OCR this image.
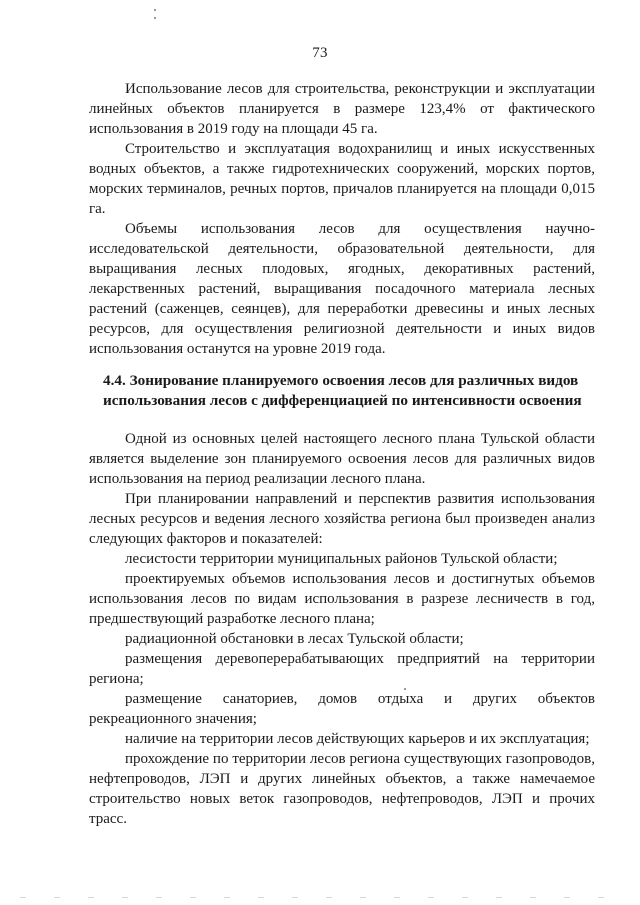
73

Использование лесов для строительства, реконструкции и эксплуатации линейных объектов планируется в размере 123,4% от фактического использования в 2019 году на площади 45 га.

Строительство и эксплуатация водохранилищ и иных искусственных водных объектов, а также гидротехнических сооружений, морских портов, морских терминалов, речных портов, причалов планируется на площади 0,015 га.

Объемы использования лесов для осуществления научно-исследовательской деятельности, образовательной деятельности, для выращивания лесных плодовых, ягодных, декоративных растений, лекарственных растений, выращивания посадочного материала лесных растений (саженцев, сеянцев), для переработки древесины и иных лесных ресурсов, для осуществления религиозной деятельности и иных видов использования останутся на уровне 2019 года.

4.4. Зонирование планируемого освоения лесов для различных видов использования лесов с дифференциацией по интенсивности освоения

Одной из основных целей настоящего лесного плана Тульской области является выделение зон планируемого освоения лесов для различных видов использования на период реализации лесного плана.

При планировании направлений и перспектив развития использования лесных ресурсов и ведения лесного хозяйства региона был произведен анализ следующих факторов и показателей:

лесистости территории муниципальных районов Тульской области;

проектируемых объемов использования лесов и достигнутых объемов использования лесов по видам использования в разрезе лесничеств в год, предшествующий разработке лесного плана;

радиационной обстановки в лесах Тульской области;

размещения деревоперерабатывающих предприятий на территории региона;

размещение санаториев, домов отдыха и других объектов рекреационного значения;

наличие на территории лесов действующих карьеров и их эксплуатация;

прохождение по территории лесов региона существующих газопроводов, нефтепроводов, ЛЭП и других линейных объектов, а также намечаемое строительство новых веток газопроводов, нефтепроводов, ЛЭП и прочих трасс.
